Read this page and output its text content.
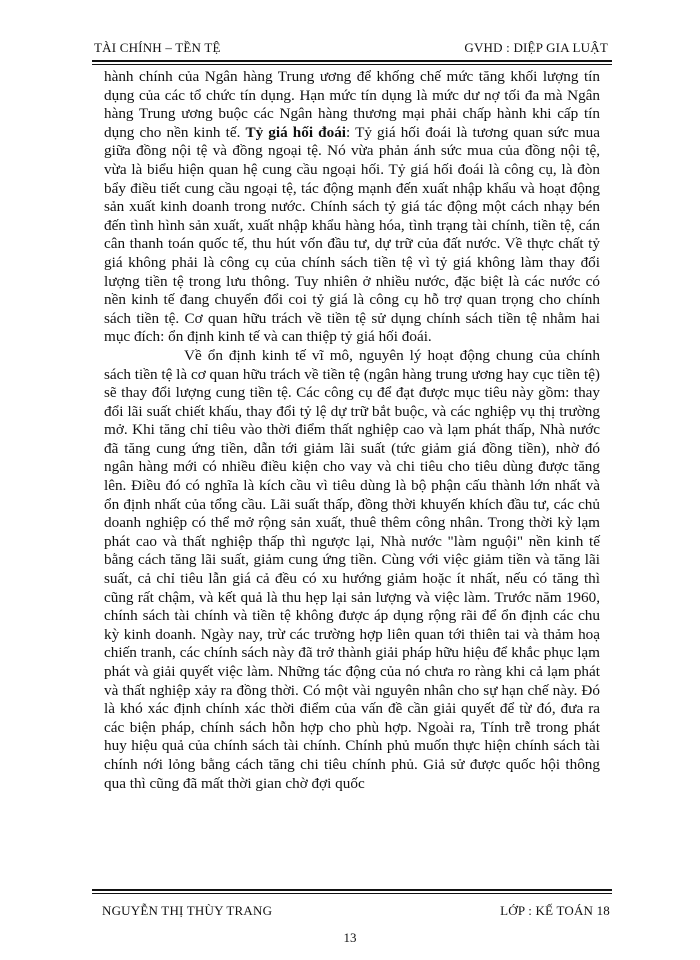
TÀI CHÍNH – TỀN TỆ	GVHD : DIỆP GIA LUẬT

hành chính của Ngân hàng Trung ương để khống chế mức tăng khối lượng tín dụng của các tổ chức tín dụng. Hạn mức tín dụng là mức dư nợ tối đa mà Ngân hàng Trung ương buộc các Ngân hàng thương mại phải chấp hành khi cấp tín dụng cho nền kinh tế. Tỷ giá hối đoái: Tỷ giá hối đoái là tương quan sức mua giữa đồng nội tệ và đồng ngoại tệ. Nó vừa phản ánh sức mua của đồng nội tệ, vừa là biểu hiện quan hệ cung cầu ngoại hối. Tỷ giá hối đoái là công cụ, là đòn bẩy điều tiết cung cầu ngoại tệ, tác động mạnh đến xuất nhập khẩu và hoạt động sản xuất kinh doanh trong nước. Chính sách tỷ giá tác động một cách nhạy bén đến tình hình sản xuất, xuất nhập khẩu hàng hóa, tình trạng tài chính, tiền tệ, cán cân thanh toán quốc tế, thu hút vốn đầu tư, dự trữ của đất nước. Về thực chất tỷ giá không phải là công cụ của chính sách tiền tệ vì tỷ giá không làm thay đổi lượng tiền tệ trong lưu thông. Tuy nhiên ở nhiều nước, đặc biệt là các nước có nền kinh tế đang chuyển đổi coi tỷ giá là công cụ hỗ trợ quan trọng cho chính sách tiền tệ. Cơ quan hữu trách về tiền tệ sử dụng chính sách tiền tệ nhằm hai mục đích: ổn định kinh tế và can thiệp tỷ giá hối đoái.

Về ổn định kinh tế vĩ mô, nguyên lý hoạt động chung của chính sách tiền tệ là cơ quan hữu trách về tiền tệ (ngân hàng trung ương hay cục tiền tệ) sẽ thay đổi lượng cung tiền tệ. Các công cụ để đạt được mục tiêu này gồm: thay đổi lãi suất chiết khấu, thay đổi tỷ lệ dự trữ bắt buộc, và các nghiệp vụ thị trường mở. Khi tăng chỉ tiêu vào thời điểm thất nghiệp cao và lạm phát thấp, Nhà nước đã tăng cung ứng tiền, dẫn tới giảm lãi suất (tức giảm giá đồng tiền), nhờ đó ngân hàng mới có nhiều điều kiện cho vay và chi tiêu cho tiêu dùng được tăng lên. Điều đó có nghĩa là kích cầu vì tiêu dùng là bộ phận cấu thành lớn nhất và ổn định nhất của tổng cầu. Lãi suất thấp, đồng thời khuyến khích đầu tư, các chủ doanh nghiệp có thể mở rộng sản xuất, thuê thêm công nhân. Trong thời kỳ lạm phát cao và thất nghiệp thấp thì ngược lại, Nhà nước "làm nguội" nền kinh tế bằng cách tăng lãi suất, giảm cung ứng tiền. Cùng với việc giảm tiền và tăng lãi suất, cả chỉ tiêu lẫn giá cả đều có xu hướng giảm hoặc ít nhất, nếu có tăng thì cũng rất chậm, và kết quả là thu hẹp lại sản lượng và việc làm. Trước năm 1960, chính sách tài chính và tiền tệ không được áp dụng rộng rãi để ổn định các chu kỳ kinh doanh. Ngày nay, trừ các trường hợp liên quan tới thiên tai và thảm hoạ chiến tranh, các chính sách này đã trở thành giải pháp hữu hiệu để khắc phục lạm phát và giải quyết việc làm. Những tác động của nó chưa ro ràng khi cả lạm phát và thất nghiệp xảy ra đồng thời. Có một vài nguyên nhân cho sự hạn chế này. Đó là khó xác định chính xác thời điểm của vấn đề cần giải quyết để từ đó, đưa ra các biện pháp, chính sách hỗn hợp cho phù hợp. Ngoài ra, Tính trễ trong phát huy hiệu quả của chính sách tài chính. Chính phủ muốn thực hiện chính sách tài chính nới lỏng bằng cách tăng chi tiêu chính phủ. Giả sử được quốc hội thông qua thì cũng đã mất thời gian chờ đợi quốc

NGUYỄN THỊ THÙY TRANG	LỚP : KẾ TOÁN 18
13
